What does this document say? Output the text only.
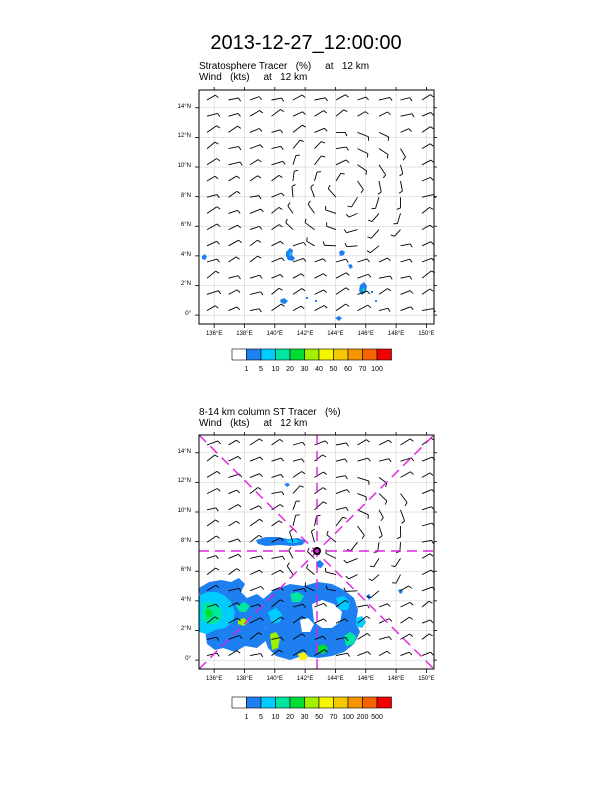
2013-12-27_12:00:00
Stratosphere Tracer   (%)     at   12 km
Wind   (kts)     at   12 km
8-14 km column ST Tracer   (%)
Wind   (kts)     at   12 km
136°E 138°E 140°E 142°E 144°E 146°E 148°E 150°E
0°
2°N
4°N
6°N
8°N
10°N
12°N
14°N
136°E 138°E 140°E 142°E 144°E 146°E 148°E 150°E
0°
2°N
4°N
6°N
8°N
10°N
12°N
14°N
1	5	10 20 30 40 50 60 70 100
1	5	10 20 30 50 70 100 200 500
